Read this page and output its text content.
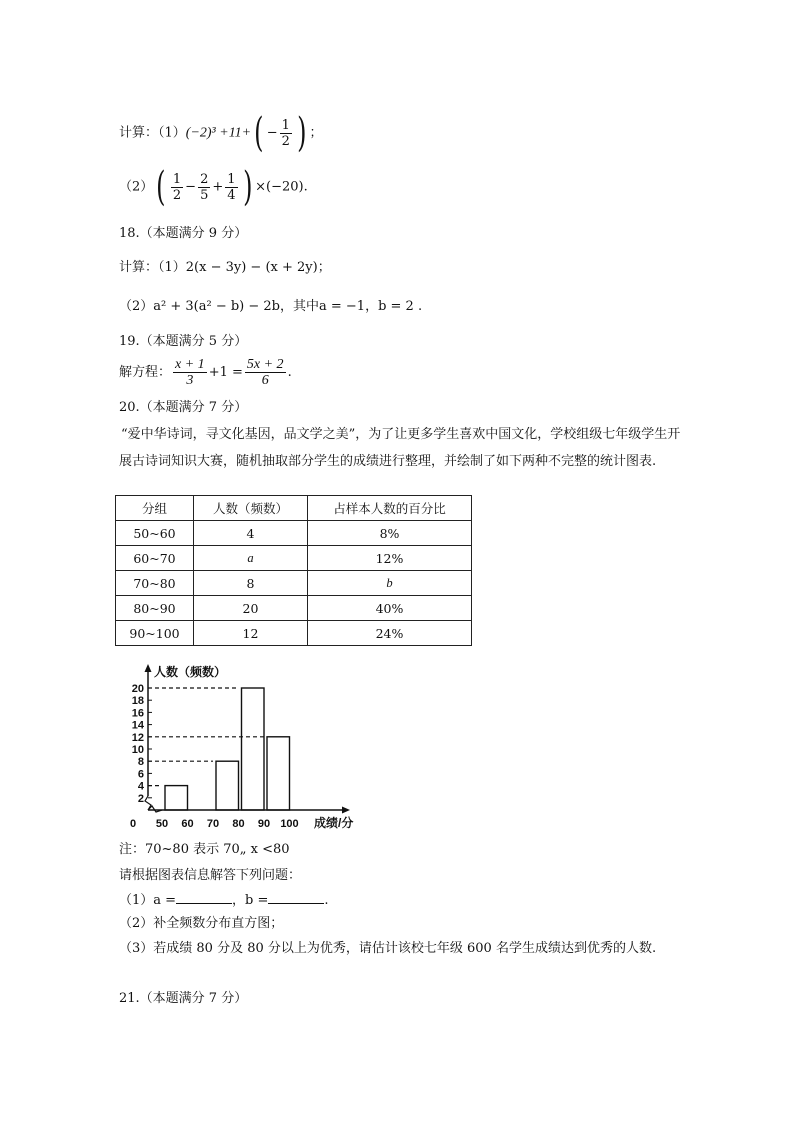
计算：$(1)(-2)^3 +11+( - \frac{1}{2}$ ) ；
$(2)( \frac{1}{2} - \frac{2}{5} + \frac{1}{4}$ ) ×(−20).
18.（本题满分 9 分）
计算：（1）2(x − 3y) − (x + 2y)；
（2）a² + 3(a² − b) − 2b，其中a = −1，b = 2 .
19.（本题满分 5 分）
解方程： $\frac{x + 1}{3} +1 = \frac{5x + 2}{6}$ .
20.（本题满分 7 分）
“爱中华诗词，寻文化基因，品文学之美”，为了让更多学生喜欢中国文化，学校组级七年级学生开展古诗词知识大赛，随机抽取部分学生的成绩进行整理，并绘制了如下两种不完整的统计图表.
分组	人数（频数）	占样本人数的百分比
50~60	4	8%
60~70	a	12%
70~80	8	b
80~90	20	40%
90~100	12	24%
2
4
6
8
10
12
14
16
18
20
0 50 60 70 80 90 100
人数（频数）
成绩/分
注：70~80 表示 70„ x <80
请根据图表信息解答下列问题：
（1）a =	，b =	.
（2）补全频数分布直方图；
（3）若成绩 80 分及 80 分以上为优秀，请估计该校七年级 600 名学生成绩达到优秀的人数.
21.（本题满分 7 分）
